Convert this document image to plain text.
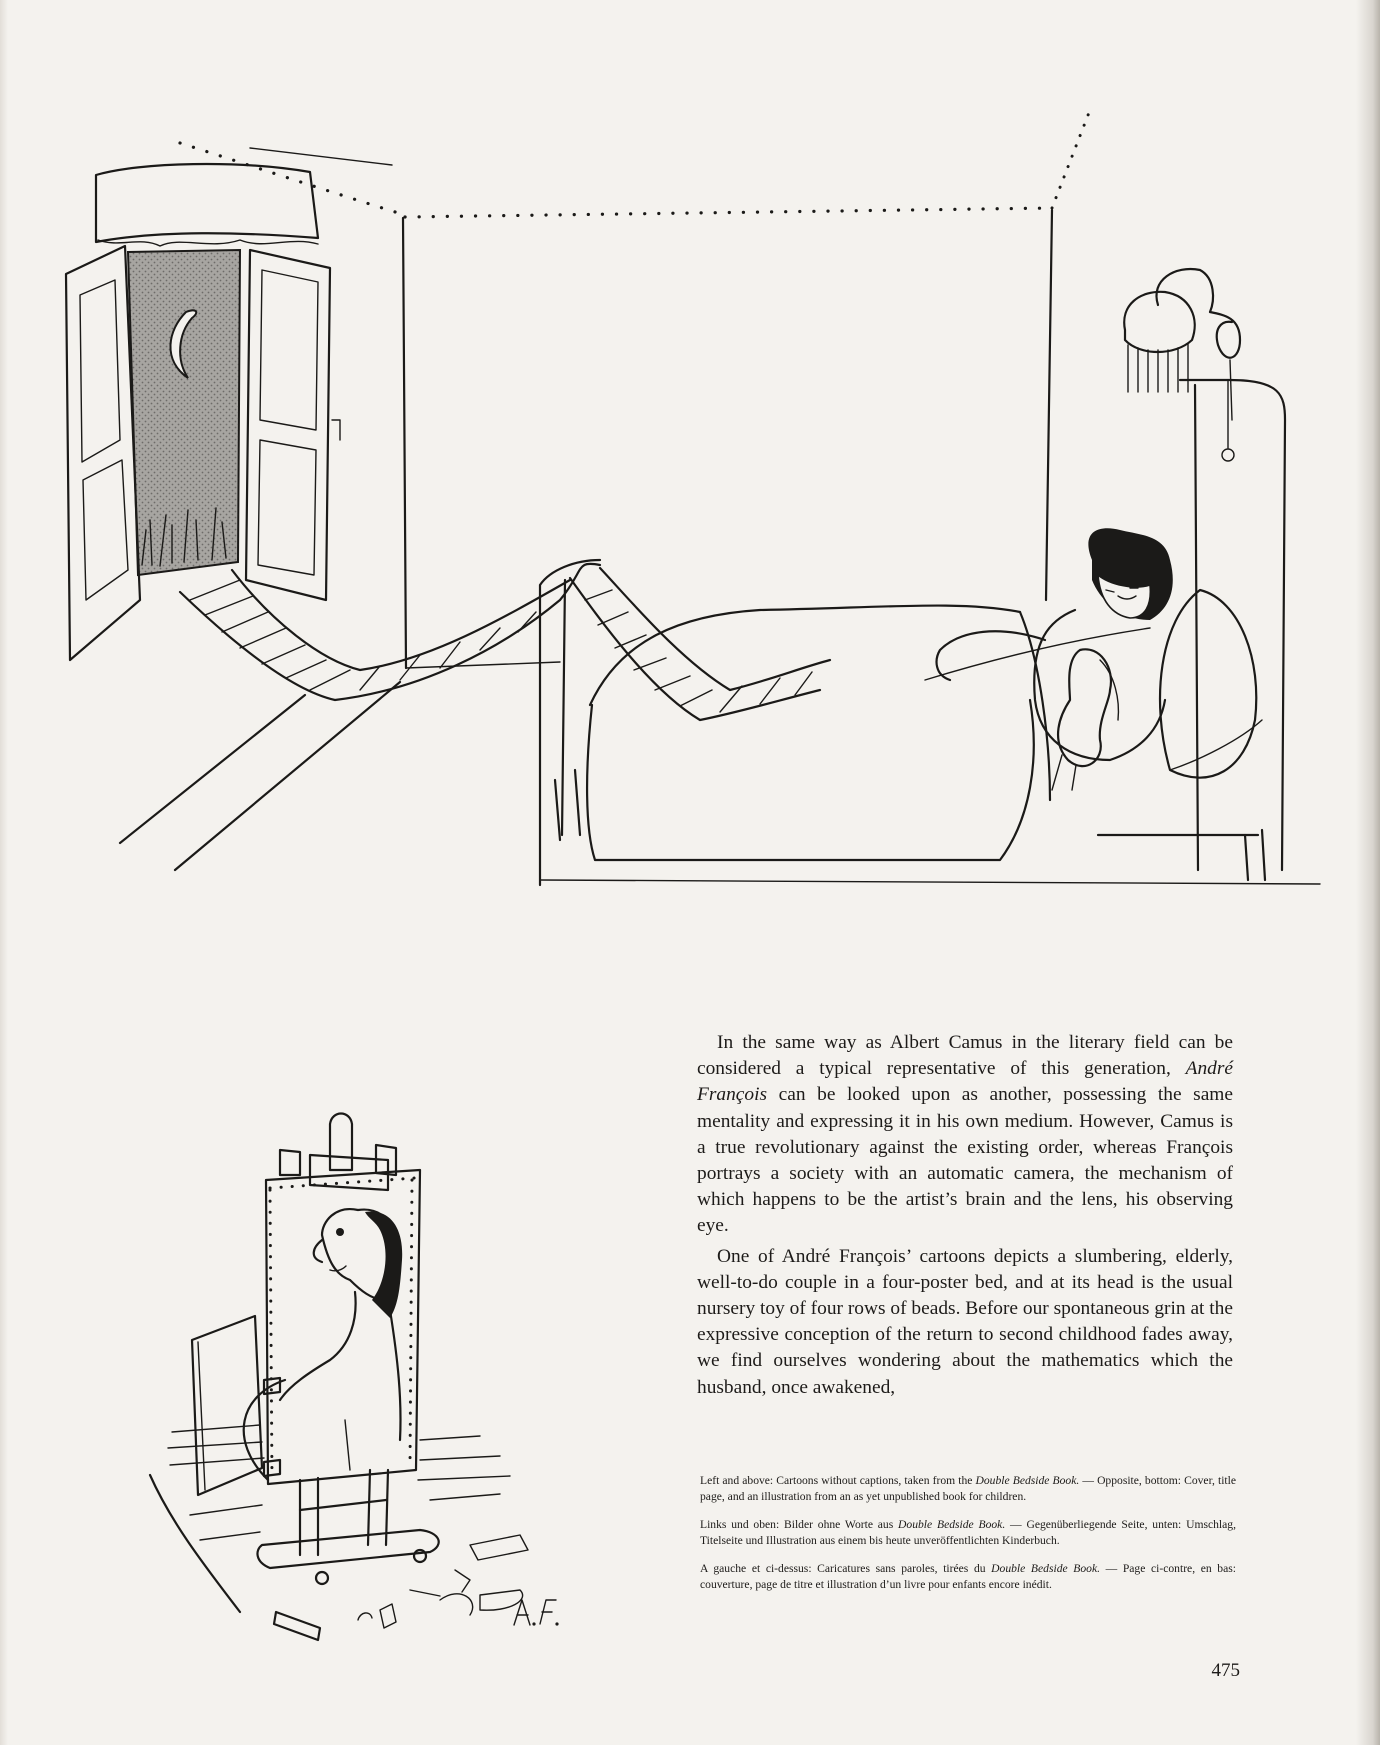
In the same way as Albert Camus in the literary field can be considered a typical representative of this generation, André François can be looked upon as another, possessing the same mentality and expressing it in his own medium. However, Camus is a true revolutionary against the existing order, whereas François portrays a society with an automatic camera, the mechanism of which happens to be the artist’s brain and the lens, his observing eye.

One of André François’ cartoons depicts a slumbering, elderly, well-to-do couple in a four-poster bed, and at its head is the usual nursery toy of four rows of beads. Before our spontaneous grin at the expressive conception of the return to second childhood fades away, we find ourselves wondering about the mathematics which the husband, once awakened,

Left and above: Cartoons without captions, taken from the Double Bedside Book. — Opposite, bottom: Cover, title page, and an illustration from an as yet unpublished book for children.

Links und oben: Bilder ohne Worte aus Double Bedside Book. — Gegenüberliegende Seite, unten: Umschlag, Titelseite und Illustration aus einem bis heute unveröffentlichten Kinderbuch.

A gauche et ci-dessus: Caricatures sans paroles, tirées du Double Bedside Book. — Page ci-contre, en bas: couverture, page de titre et illustration d’un livre pour enfants encore inédit.

475
